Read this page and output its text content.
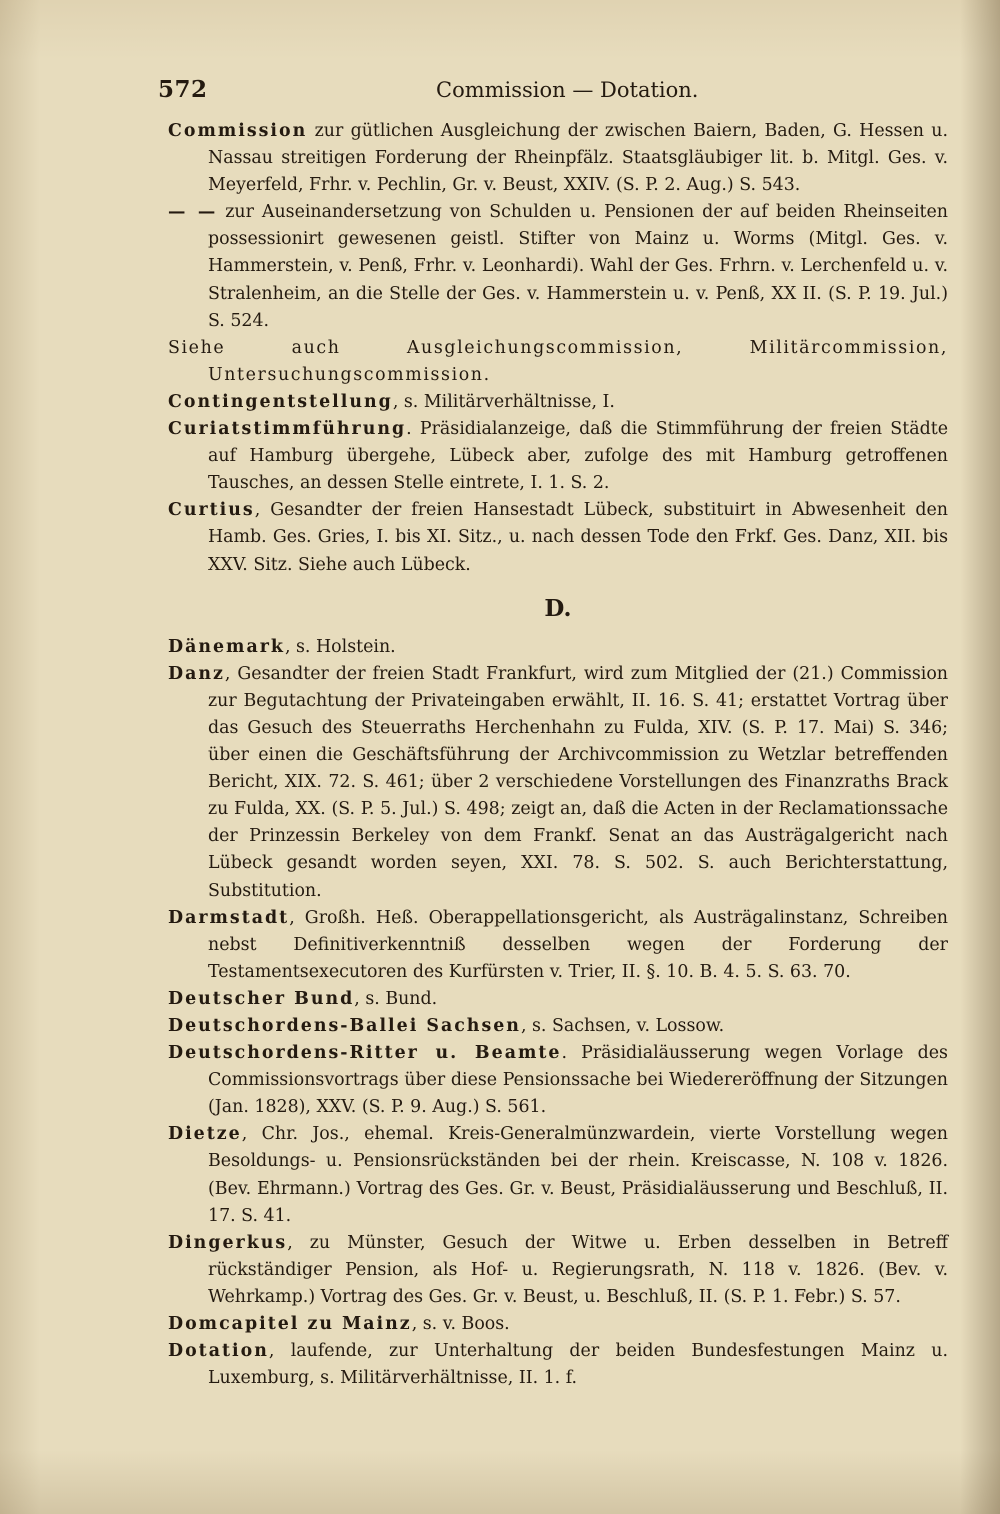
572	Commission — Dotation.

Commission zur gütlichen Ausgleichung der zwischen Baiern, Baden, G. Hessen u. Nassau streitigen Forderung der Rheinpfälz. Staatsgläubiger lit. b. Mitgl. Ges. v. Meyerfeld, Frhr. v. Pechlin, Gr. v. Beust, XXIV. (S. P. 2. Aug.) S. 543.

— — zur Auseinandersetzung von Schulden u. Pensionen der auf beiden Rheinseiten possessionirt gewesenen geistl. Stifter von Mainz u. Worms (Mitgl. Ges. v. Hammerstein, v. Penß, Frhr. v. Leonhardi). Wahl der Ges. Frhrn. v. Lerchenfeld u. v. Stralenheim, an die Stelle der Ges. v. Hammerstein u. v. Penß, XX II. (S. P. 19. Jul.) S. 524.

Siehe auch Ausgleichungscommission, Militärcommission, Untersuchungscommission.

Contingentstellung, s. Militärverhältnisse, I.

Curiatstimmführung. Präsidialanzeige, daß die Stimmführung der freien Städte auf Hamburg übergehe, Lübeck aber, zufolge des mit Hamburg getroffenen Tausches, an dessen Stelle eintrete, I. 1. S. 2.

Curtius, Gesandter der freien Hansestadt Lübeck, substituirt in Abwesenheit den Hamb. Ges. Gries, I. bis XI. Sitz., u. nach dessen Tode den Frkf. Ges. Danz, XII. bis XXV. Sitz. Siehe auch Lübeck.

D.

Dänemark, s. Holstein.

Danz, Gesandter der freien Stadt Frankfurt, wird zum Mitglied der (21.) Commission zur Begutachtung der Privateingaben erwählt, II. 16. S. 41; erstattet Vortrag über das Gesuch des Steuerraths Herchenhahn zu Fulda, XIV. (S. P. 17. Mai) S. 346; über einen die Geschäftsführung der Archivcommission zu Wetzlar betreffenden Bericht, XIX. 72. S. 461; über 2 verschiedene Vorstellungen des Finanzraths Brack zu Fulda, XX. (S. P. 5. Jul.) S. 498; zeigt an, daß die Acten in der Reclamationssache der Prinzessin Berkeley von dem Frankf. Senat an das Austrägalgericht nach Lübeck gesandt worden seyen, XXI. 78. S. 502. S. auch Berichterstattung, Substitution.

Darmstadt, Großh. Heß. Oberappellationsgericht, als Austrägalinstanz, Schreiben nebst Definitiverkenntniß desselben wegen der Forderung der Testamentsexecutoren des Kurfürsten v. Trier, II. §. 10. B. 4. 5. S. 63. 70.

Deutscher Bund, s. Bund.

Deutschordens-Ballei Sachsen, s. Sachsen, v. Lossow.

Deutschordens-Ritter u. Beamte. Präsidialäusserung wegen Vorlage des Commissionsvortrags über diese Pensionssache bei Wiedereröffnung der Sitzungen (Jan. 1828), XXV. (S. P. 9. Aug.) S. 561.

Dietze, Chr. Jos., ehemal. Kreis-Generalmünzwardein, vierte Vorstellung wegen Besoldungs- u. Pensionsrückständen bei der rhein. Kreiscasse, N. 108 v. 1826. (Bev. Ehrmann.) Vortrag des Ges. Gr. v. Beust, Präsidialäusserung und Beschluß, II. 17. S. 41.

Dingerkus, zu Münster, Gesuch der Witwe u. Erben desselben in Betreff rückständiger Pension, als Hof- u. Regierungsrath, N. 118 v. 1826. (Bev. v. Wehrkamp.) Vortrag des Ges. Gr. v. Beust, u. Beschluß, II. (S. P. 1. Febr.) S. 57.

Domcapitel zu Mainz, s. v. Boos.

Dotation, laufende, zur Unterhaltung der beiden Bundesfestungen Mainz u. Luxemburg, s. Militärverhältnisse, II. 1. f.
